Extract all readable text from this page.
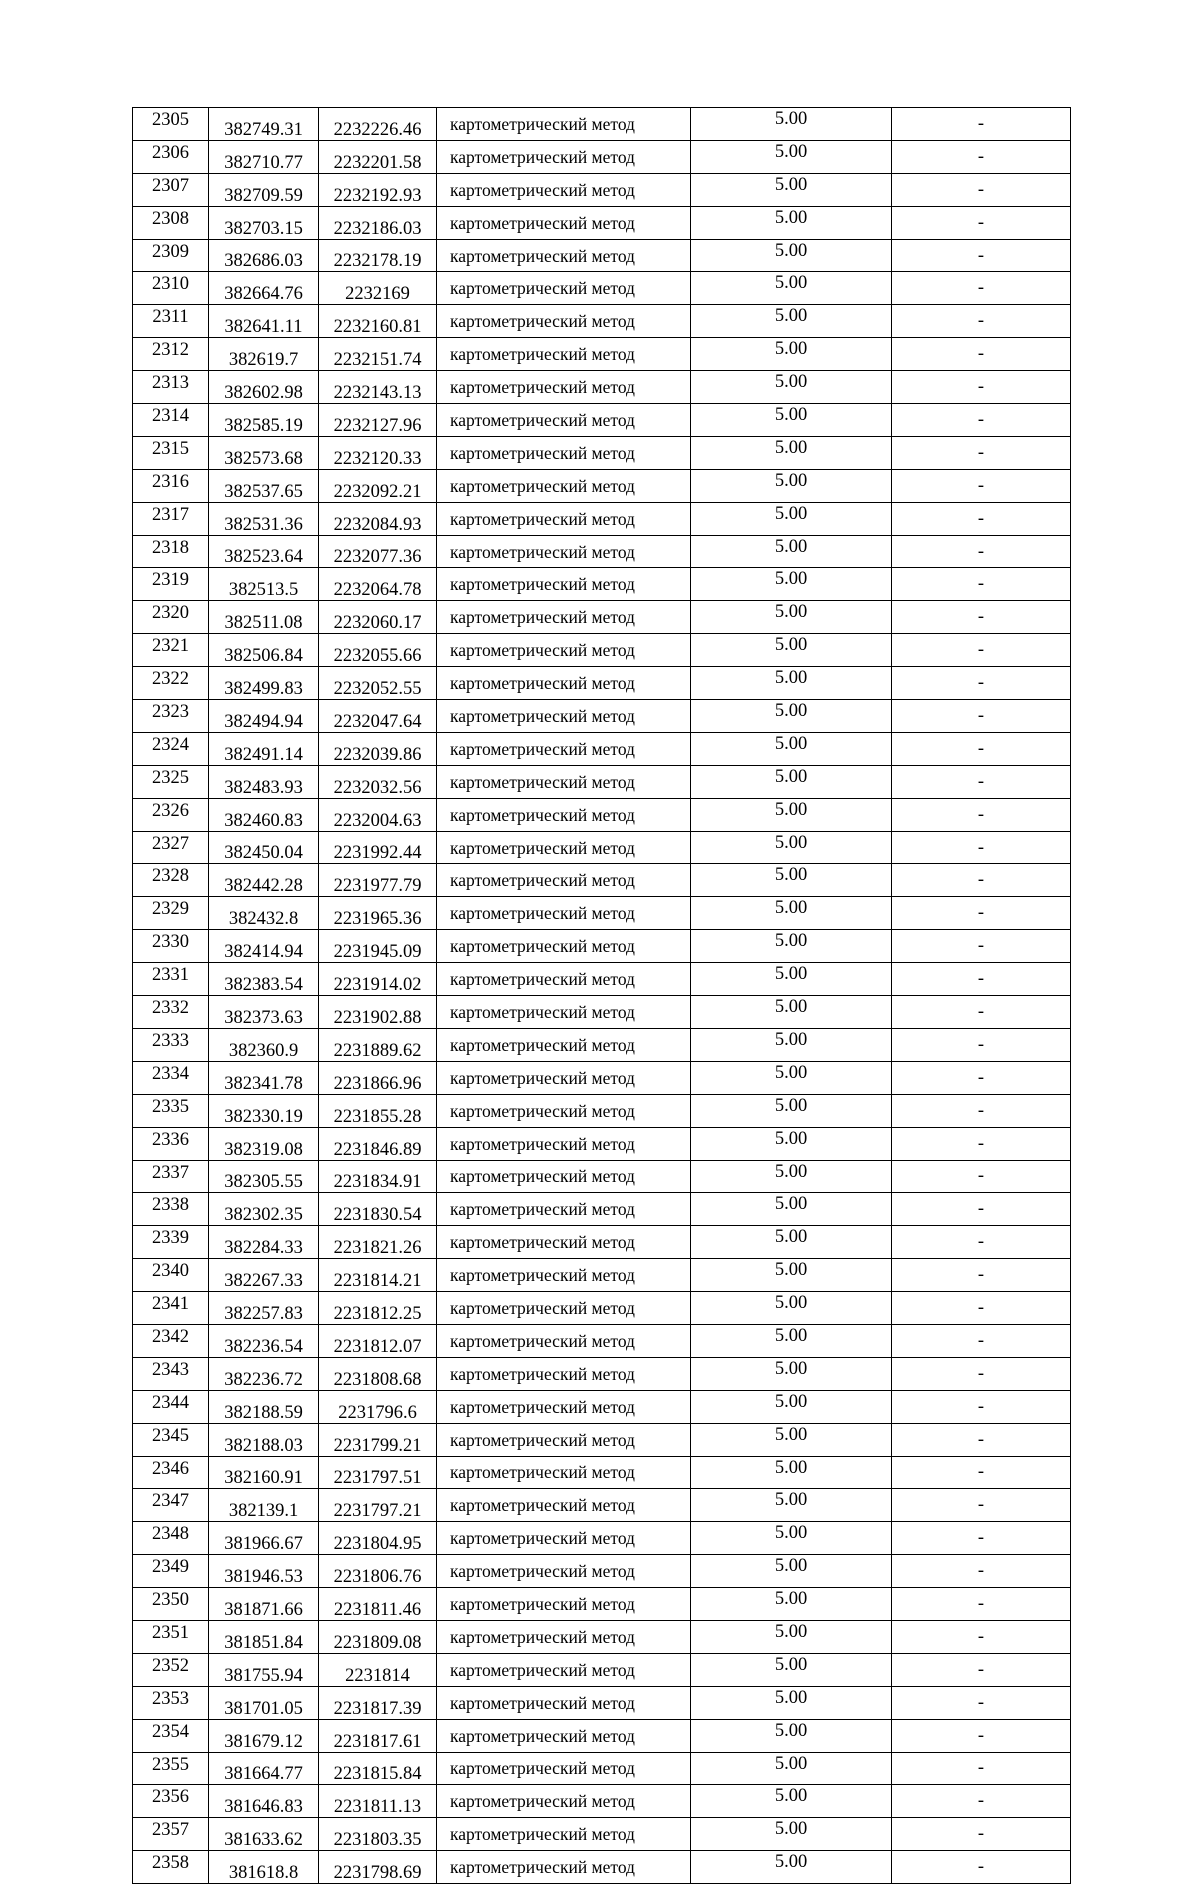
2305	382749.31	2232226.46	картометрический метод	5.00	-
2306	382710.77	2232201.58	картометрический метод	5.00	-
2307	382709.59	2232192.93	картометрический метод	5.00	-
2308	382703.15	2232186.03	картометрический метод	5.00	-
2309	382686.03	2232178.19	картометрический метод	5.00	-
2310	382664.76	2232169	картометрический метод	5.00	-
2311	382641.11	2232160.81	картометрический метод	5.00	-
2312	382619.7	2232151.74	картометрический метод	5.00	-
2313	382602.98	2232143.13	картометрический метод	5.00	-
2314	382585.19	2232127.96	картометрический метод	5.00	-
2315	382573.68	2232120.33	картометрический метод	5.00	-
2316	382537.65	2232092.21	картометрический метод	5.00	-
2317	382531.36	2232084.93	картометрический метод	5.00	-
2318	382523.64	2232077.36	картометрический метод	5.00	-
2319	382513.5	2232064.78	картометрический метод	5.00	-
2320	382511.08	2232060.17	картометрический метод	5.00	-
2321	382506.84	2232055.66	картометрический метод	5.00	-
2322	382499.83	2232052.55	картометрический метод	5.00	-
2323	382494.94	2232047.64	картометрический метод	5.00	-
2324	382491.14	2232039.86	картометрический метод	5.00	-
2325	382483.93	2232032.56	картометрический метод	5.00	-
2326	382460.83	2232004.63	картометрический метод	5.00	-
2327	382450.04	2231992.44	картометрический метод	5.00	-
2328	382442.28	2231977.79	картометрический метод	5.00	-
2329	382432.8	2231965.36	картометрический метод	5.00	-
2330	382414.94	2231945.09	картометрический метод	5.00	-
2331	382383.54	2231914.02	картометрический метод	5.00	-
2332	382373.63	2231902.88	картометрический метод	5.00	-
2333	382360.9	2231889.62	картометрический метод	5.00	-
2334	382341.78	2231866.96	картометрический метод	5.00	-
2335	382330.19	2231855.28	картометрический метод	5.00	-
2336	382319.08	2231846.89	картометрический метод	5.00	-
2337	382305.55	2231834.91	картометрический метод	5.00	-
2338	382302.35	2231830.54	картометрический метод	5.00	-
2339	382284.33	2231821.26	картометрический метод	5.00	-
2340	382267.33	2231814.21	картометрический метод	5.00	-
2341	382257.83	2231812.25	картометрический метод	5.00	-
2342	382236.54	2231812.07	картометрический метод	5.00	-
2343	382236.72	2231808.68	картометрический метод	5.00	-
2344	382188.59	2231796.6	картометрический метод	5.00	-
2345	382188.03	2231799.21	картометрический метод	5.00	-
2346	382160.91	2231797.51	картометрический метод	5.00	-
2347	382139.1	2231797.21	картометрический метод	5.00	-
2348	381966.67	2231804.95	картометрический метод	5.00	-
2349	381946.53	2231806.76	картометрический метод	5.00	-
2350	381871.66	2231811.46	картометрический метод	5.00	-
2351	381851.84	2231809.08	картометрический метод	5.00	-
2352	381755.94	2231814	картометрический метод	5.00	-
2353	381701.05	2231817.39	картометрический метод	5.00	-
2354	381679.12	2231817.61	картометрический метод	5.00	-
2355	381664.77	2231815.84	картометрический метод	5.00	-
2356	381646.83	2231811.13	картометрический метод	5.00	-
2357	381633.62	2231803.35	картометрический метод	5.00	-
2358	381618.8	2231798.69	картометрический метод	5.00	-
